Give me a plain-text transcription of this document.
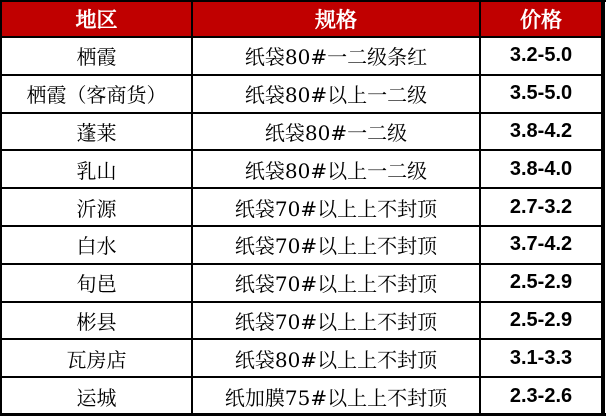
地区	规格	价格
栖霞	纸袋80#一二级条红	3.2-5.0
栖霞（客商货）	纸袋80#以上一二级	3.5-5.0
蓬莱	纸袋80#一二级	3.8-4.2
乳山	纸袋80#以上一二级	3.8-4.0
沂源	纸袋70#以上上不封顶	2.7-3.2
白水	纸袋70#以上上不封顶	3.7-4.2
旬邑	纸袋70#以上上不封顶	2.5-2.9
彬县	纸袋70#以上上不封顶	2.5-2.9
瓦房店	纸袋80#以上上不封顶	3.1-3.3
运城	纸加膜75#以上上不封顶	2.3-2.6
